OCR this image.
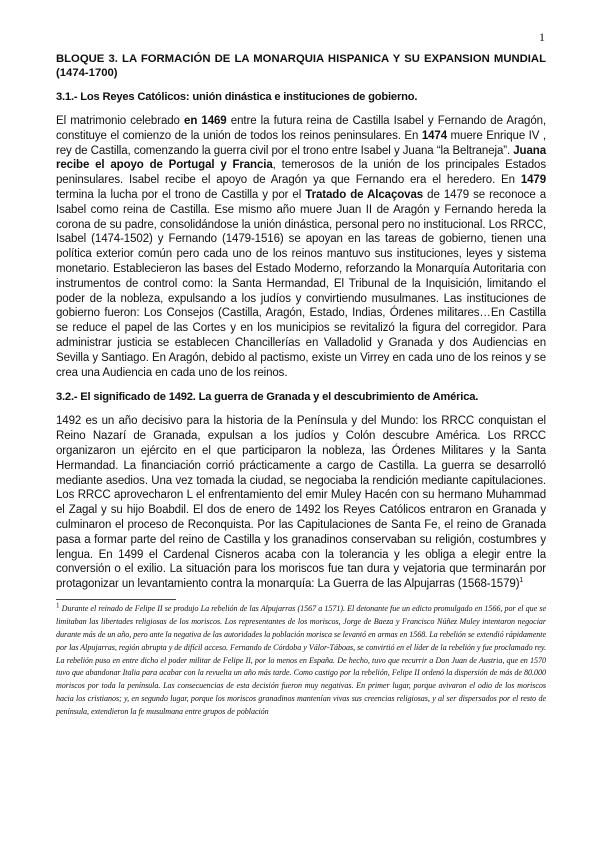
1

BLOQUE 3. LA FORMACIÓN DE LA MONARQUIA HISPANICA Y SU EXPANSION MUNDIAL (1474-1700)

3.1.- Los Reyes Católicos: unión dinástica e instituciones de gobierno.

El matrimonio celebrado en 1469 entre la futura reina de Castilla Isabel y Fernando de Aragón, constituye el comienzo de la unión de todos los reinos peninsulares. En 1474 muere Enrique IV , rey de Castilla, comenzando la guerra civil por el trono entre Isabel y Juana “la Beltraneja”. Juana recibe el apoyo de Portugal y Francia, temerosos de la unión de los principales Estados peninsulares. Isabel recibe el apoyo de Aragón ya que Fernando era el heredero. En 1479 termina la lucha por el trono de Castilla y por el Tratado de Alcaçovas de 1479 se reconoce a Isabel como reina de Castilla. Ese mismo año muere Juan II de Aragón y Fernando hereda la corona de su padre, consolidándose la unión dinástica, personal pero no institucional. Los RRCC, Isabel (1474-1502) y Fernando (1479-1516) se apoyan en las tareas de gobierno, tienen una política exterior común pero cada uno de los reinos mantuvo sus instituciones, leyes y sistema monetario. Establecieron las bases del Estado Moderno, reforzando la Monarquía Autoritaria con instrumentos de control como: la Santa Hermandad, El Tribunal de la Inquisición, limitando el poder de la nobleza, expulsando a los judíos y convirtiendo musulmanes. Las instituciones de gobierno fueron: Los Consejos (Castilla, Aragón, Estado, Indias, Órdenes militares…En Castilla se reduce el papel de las Cortes y en los municipios se revitalizó la figura del corregidor. Para administrar justicia se establecen Chancillerías en Valladolid y Granada y dos Audiencias en Sevilla y Santiago. En Aragón, debido al pactismo, existe un Virrey en cada uno de los reinos y se crea una Audiencia en cada uno de los reinos.

3.2.- El significado de 1492. La guerra de Granada y el descubrimiento de América.

1492 es un año decisivo para la historia de la Península y del Mundo: los RRCC conquistan el Reino Nazarí de Granada, expulsan a los judíos y Colón descubre América. Los RRCC organizaron un ejército en el que participaron la nobleza, las Órdenes Militares y la Santa Hermandad. La financiación corrió prácticamente a cargo de Castilla. La guerra se desarrolló mediante asedios. Una vez tomada la ciudad, se negociaba la rendición mediante capitulaciones. Los RRCC aprovecharon L el enfrentamiento del emir Muley Hacén con su hermano Muhammad el Zagal y su hijo Boabdil. El dos de enero de 1492 los Reyes Católicos entraron en Granada y culminaron el proceso de Reconquista. Por las Capitulaciones de Santa Fe, el reino de Granada pasa a formar parte del reino de Castilla y los granadinos conservaban su religión, costumbres y lengua. En 1499 el Cardenal Cisneros acaba con la tolerancia y les obliga a elegir entre la conversión o el exilio. La situación para los moriscos fue tan dura y vejatoria que terminarán por protagonizar un levantamiento contra la monarquía: La Guerra de las Alpujarras (1568-1579)$^1$

$^1$ Durante el reinado de Felipe II se produjo La rebelión de las Alpujarras (1567 a 1571). El detonante fue un edicto promulgado en 1566, por el que se limitaban las libertades religiosas de los moriscos. Los representantes de los moriscos, Jorge de Baeza y Francisco Núñez Muley intentaron negociar durante más de un año, pero ante la negativa de las autoridades la población morisca se levantó en armas en 1568. La rebelión se extendió rápidamente por las Alpujarras, región abrupta y de difícil acceso. Fernando de Córdoba y Válor-Táboas, se convirtió en el líder de la rebelión y fue proclamado rey. La rebelión puso en entre dicho el poder militar de Felipe II, por lo menos en España. De hecho, tuvo que recurrir a Don Juan de Austria, que en 1570 tuvo que abandonar Italia para acabar con la revuelta un año más tarde. Como castigo por la rebelión, Felipe II ordenó la dispersión de más de 80.000 moriscos por toda la península. Las consecuencias de esta decisión fueron muy negativas. En primer lugar, porque avivaron el odio de los moriscos hacia los cristianos; y, en segundo lugar, porque los moriscos granadinos mantenían vivas sus creencias religiosas, y al ser dispersados por el resto de península, extendieron la fe musulmana entre grupos de población
